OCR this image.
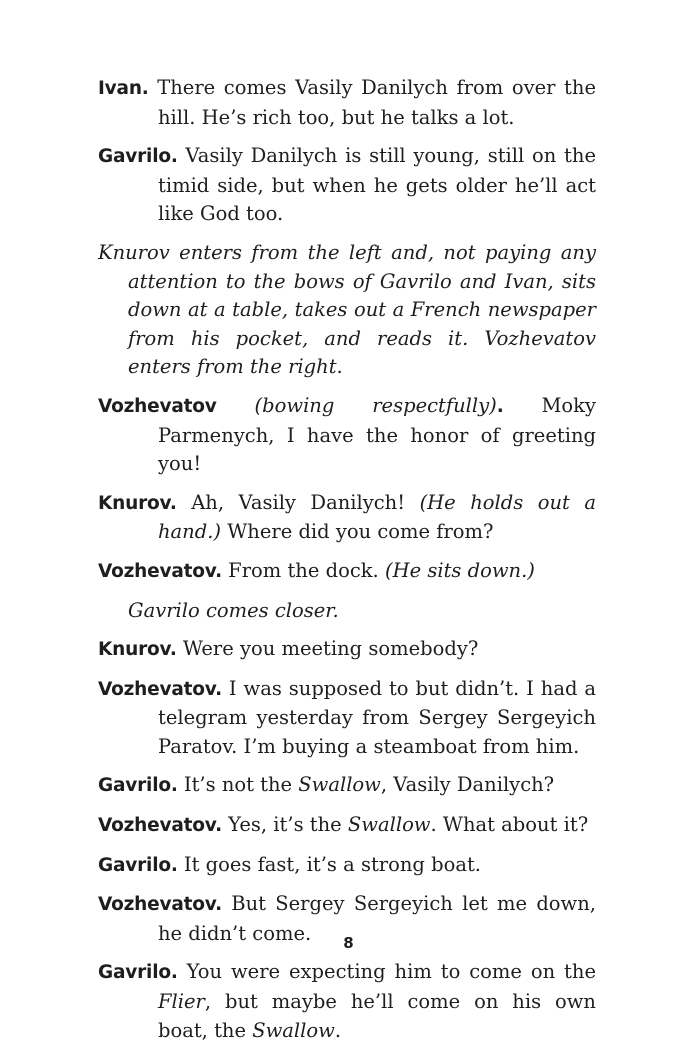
Ivan. There comes Vasily Danilych from over the hill. He’s rich too, but he talks a lot.

Gavrilo. Vasily Danilych is still young, still on the timid side, but when he gets older he’ll act like God too.

Knurov enters from the left and, not paying any attention to the bows of Gavrilo and Ivan, sits down at a table, takes out a French newspaper from his pocket, and reads it. Vozhevatov enters from the right.

Vozhevatov (bowing respectfully). Moky Parmenych, I have the honor of greeting you!

Knurov. Ah, Vasily Danilych! (He holds out a hand.) Where did you come from?

Vozhevatov. From the dock. (He sits down.)

Gavrilo comes closer.

Knurov. Were you meeting somebody?

Vozhevatov. I was supposed to but didn’t. I had a telegram yesterday from Sergey Sergeyich Paratov. I’m buying a steamboat from him.

Gavrilo. It’s not the Swallow, Vasily Danilych?

Vozhevatov. Yes, it’s the Swallow. What about it?

Gavrilo. It goes fast, it’s a strong boat.

Vozhevatov. But Sergey Sergeyich let me down, he didn’t come.

Gavrilo. You were expecting him to come on the Flier, but maybe he’ll come on his own boat, the Swallow.

8
